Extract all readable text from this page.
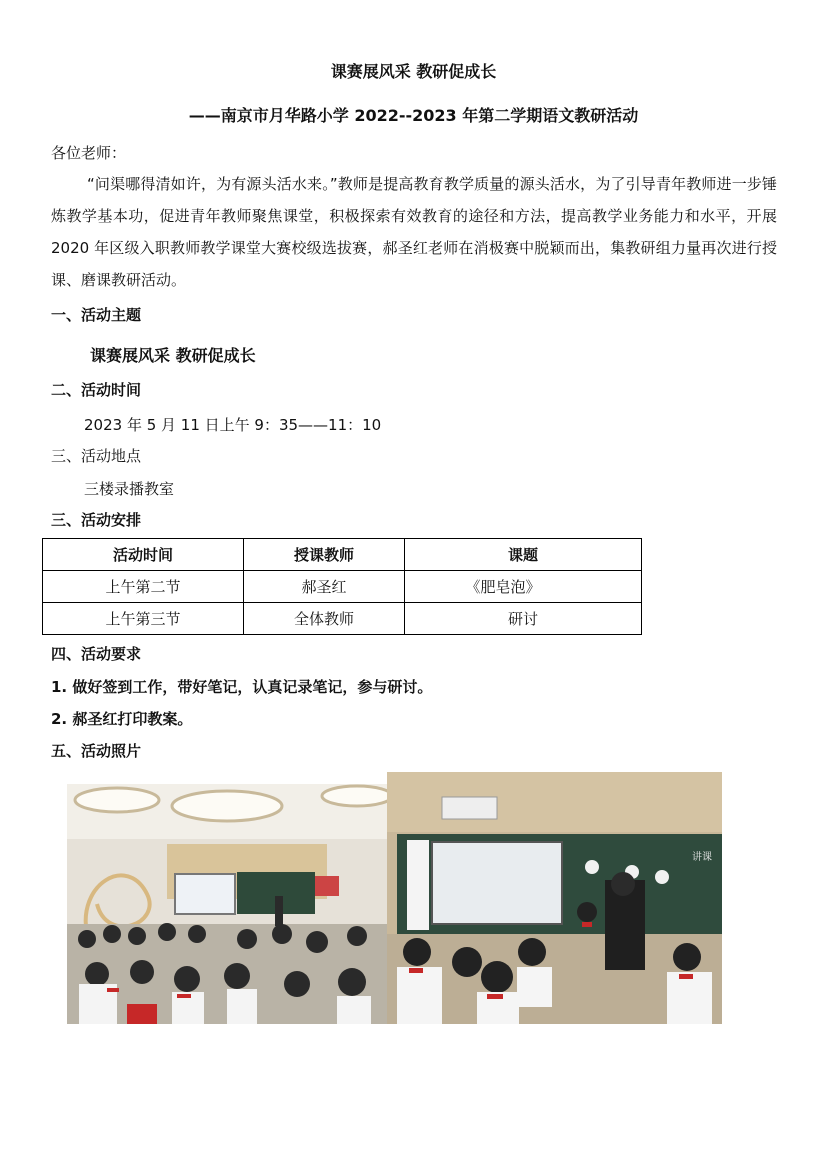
课赛展风采 教研促成长
——南京市月华路小学 2022--2023 年第二学期语文教研活动
各位老师：
“问渠哪得清如许，为有源头活水来。”教师是提高教育教学质量的源头活水，为了引导青年教师进一步锤炼教学基本功，促进青年教师聚焦课堂，积极探索有效教育的途径和方法，提高教学业务能力和水平，开展 2020 年区级入职教师教学课堂大赛校级选拔赛，郝圣红老师在消极赛中脱颖而出，集教研组力量再次进行授课、磨课教研活动。
一、活动主题
课赛展风采 教研促成长
二、活动时间
2023 年 5 月 11 日上午 9：35——11：10
三、活动地点
三楼录播教室
三、活动安排
活动时间	授课教师	课题
上午第二节	郝圣红	《肥皂泡》
上午第三节	全体教师	研讨
四、活动要求
1. 做好签到工作，带好笔记，认真记录笔记，参与研讨。
2. 郝圣红打印教案。
五、活动照片
讲课
